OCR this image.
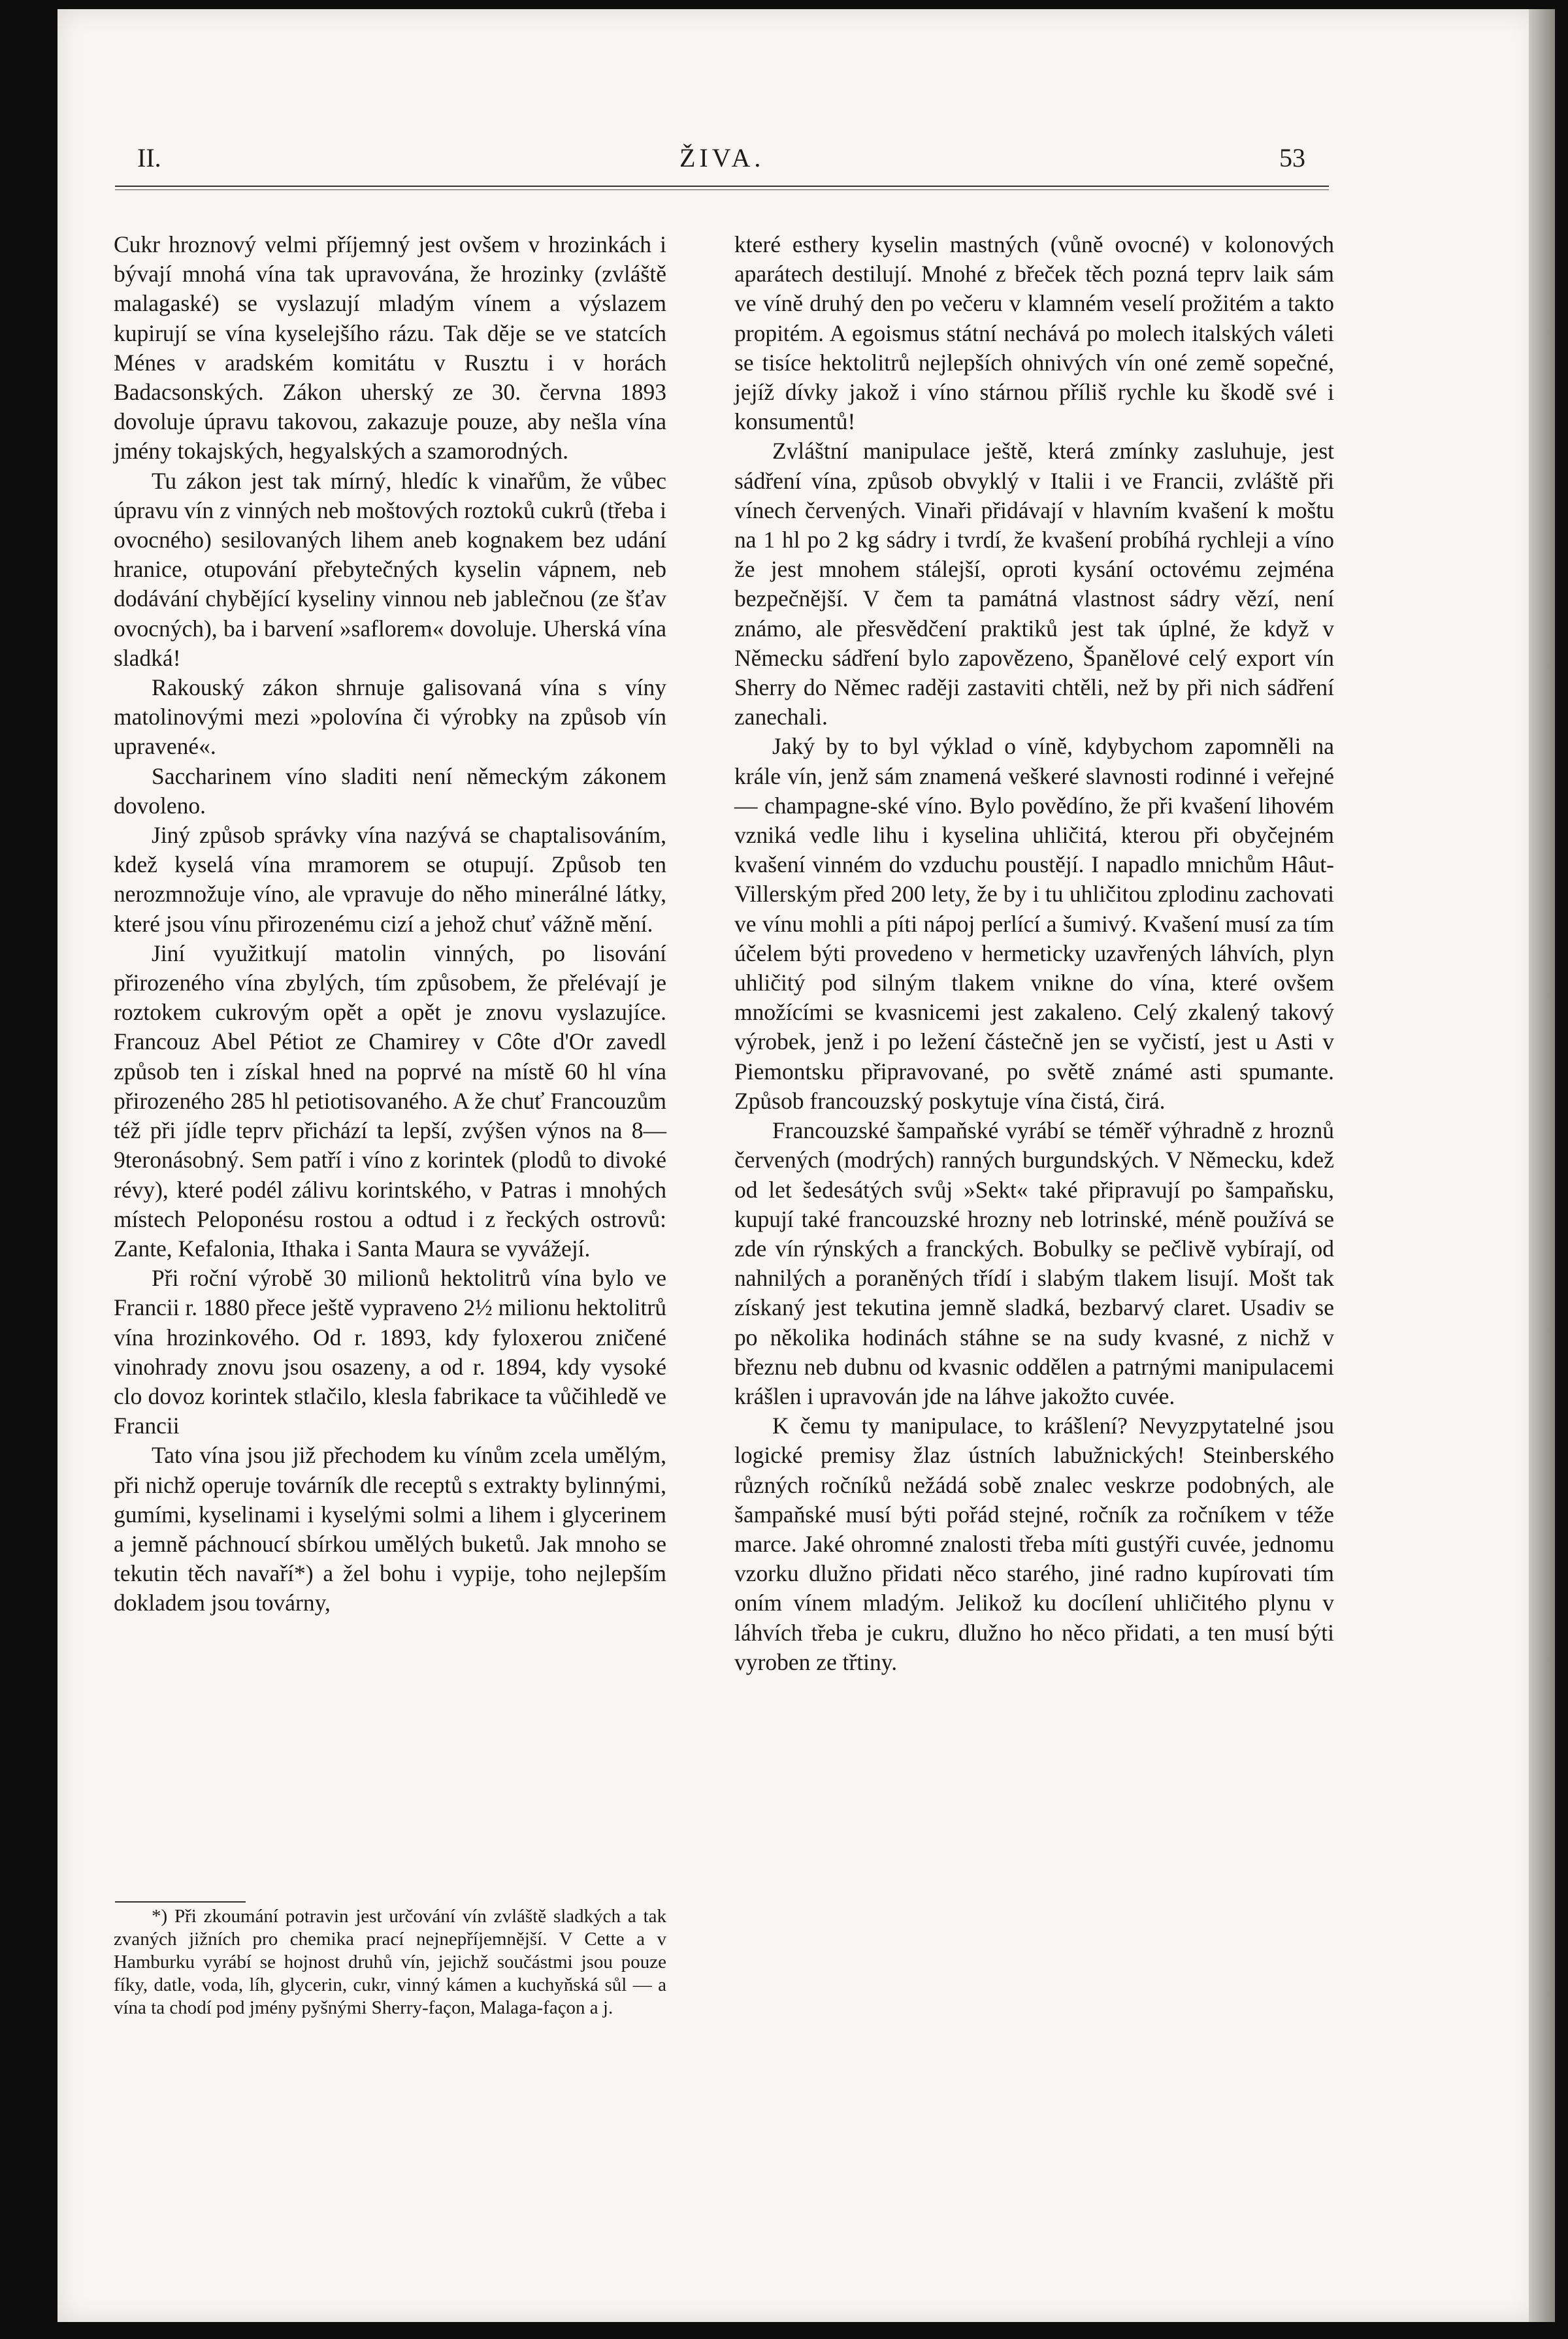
II.	ŽIVA.	53

Cukr hroznový velmi příjemný jest ovšem v hrozinkách i bývají mnohá vína tak upravována, že hrozinky (zvláště malagaské) se vyslazují mladým vínem a výslazem kupirují se vína kyselejšího rázu. Tak děje se ve statcích Ménes v aradském komitátu v Rusztu i v horách Badacsonských. Zákon uherský ze 30. června 1893 dovoluje úpravu takovou, zakazuje pouze, aby nešla vína jmény tokajských, hegyalských a szamorodných.

Tu zákon jest tak mírný, hledíc k vinařům, že vůbec úpravu vín z vinných neb moštových roztoků cukrů (třeba i ovocného) sesilovaných lihem aneb kognakem bez udání hranice, otupování přebytečných kyselin vápnem, neb dodávání chybějící kyseliny vinnou neb jablečnou (ze šťav ovocných), ba i barvení »saflorem« dovoluje. Uherská vína sladká!

Rakouský zákon shrnuje galisovaná vína s víny matolinovými mezi »polovína či výrobky na způsob vín upravené«.

Saccharinem víno sladiti není německým zákonem dovoleno.

Jiný způsob správky vína nazývá se chaptalisováním, kdež kyselá vína mramorem se otupují. Způsob ten nerozmnožuje víno, ale vpravuje do něho minerálné látky, které jsou vínu přirozenému cizí a jehož chuť vážně mění.

Jiní využitkují matolin vinných, po lisování přirozeného vína zbylých, tím způsobem, že přelévají je roztokem cukrovým opět a opět je znovu vyslazujíce. Francouz Abel Pétiot ze Chamirey v Côte d'Or zavedl způsob ten i získal hned na poprvé na místě 60 hl vína přirozeného 285 hl petiotisovaného. A že chuť Francouzům též při jídle teprv přichází ta lepší, zvýšen výnos na 8—9teronásobný. Sem patří i víno z korintek (plodů to divoké révy), které podél zálivu korintského, v Patras i mnohých místech Peloponésu rostou a odtud i z řeckých ostrovů: Zante, Kefalonia, Ithaka i Santa Maura se vyvážejí.

Při roční výrobě 30 milionů hektolitrů vína bylo ve Francii r. 1880 přece ještě vypraveno 2½ milionu hektolitrů vína hrozinkového. Od r. 1893, kdy fyloxerou zničené vinohrady znovu jsou osazeny, a od r. 1894, kdy vysoké clo dovoz korintek stlačilo, klesla fabrikace ta vůčihledě ve Francii

Tato vína jsou již přechodem ku vínům zcela umělým, při nichž operuje továrník dle receptů s extrakty bylinnými, gumími, kyselinami i kyselými solmi a lihem i glycerinem a jemně páchnoucí sbírkou umělých buketů. Jak mnoho se tekutin těch navaří*) a žel bohu i vypije, toho nejlepším dokladem jsou továrny,

*) Při zkoumání potravin jest určování vín zvláště sladkých a tak zvaných jižních pro chemika prací nejnepříjemnější. V Cette a v Hamburku vyrábí se hojnost druhů vín, jejichž součástmi jsou pouze fíky, datle, voda, líh, glycerin, cukr, vinný kámen a kuchyňská sůl — a vína ta chodí pod jmény pyšnými Sherry-façon, Malaga-façon a j.

které esthery kyselin mastných (vůně ovocné) v kolonových aparátech destilují. Mnohé z břeček těch pozná teprv laik sám ve víně druhý den po večeru v klamném veselí prožitém a takto propitém. A egoismus státní nechává po molech italských váleti se tisíce hektolitrů nejlepších ohnivých vín oné země sopečné, jejíž dívky jakož i víno stárnou příliš rychle ku škodě své i konsumentů!

Zvláštní manipulace ještě, která zmínky zasluhuje, jest sádření vína, způsob obvyklý v Italii i ve Francii, zvláště při vínech červených. Vinaři přidávají v hlavním kvašení k moštu na 1 hl po 2 kg sádry i tvrdí, že kvašení probíhá rychleji a víno že jest mnohem stálejší, oproti kysání octovému zejména bezpečnější. V čem ta památná vlastnost sádry vězí, není známo, ale přesvědčení praktiků jest tak úplné, že když v Německu sádření bylo zapovězeno, Španělové celý export vín Sherry do Němec raději zastaviti chtěli, než by při nich sádření zanechali.

Jaký by to byl výklad o víně, kdybychom zapomněli na krále vín, jenž sám znamená veškeré slavnosti rodinné i veřejné — champagne-ské víno. Bylo povědíno, že při kvašení lihovém vzniká vedle lihu i kyselina uhličitá, kterou při obyčejném kvašení vinném do vzduchu poustějí. I napadlo mnichům Hâut-Villerským před 200 lety, že by i tu uhličitou zplodinu zachovati ve vínu mohli a píti nápoj perlící a šumivý. Kvašení musí za tím účelem býti provedeno v hermeticky uzavřených láhvích, plyn uhličitý pod silným tlakem vnikne do vína, které ovšem množícími se kvasnicemi jest zakaleno. Celý zkalený takový výrobek, jenž i po ležení částečně jen se vyčistí, jest u Asti v Piemontsku připravované, po světě známé asti spumante. Způsob francouzský poskytuje vína čistá, čirá.

Francouzské šampaňské vyrábí se téměř výhradně z hroznů červených (modrých) ranných burgundských. V Německu, kdež od let šedesátých svůj »Sekt« také připravují po šampaňsku, kupují také francouzské hrozny neb lotrinské, méně používá se zde vín rýnských a franckých. Bobulky se pečlivě vybírají, od nahnilých a poraněných třídí i slabým tlakem lisují. Mošt tak získaný jest tekutina jemně sladká, bezbarvý claret. Usadiv se po několika hodinách stáhne se na sudy kvasné, z nichž v březnu neb dubnu od kvasnic oddělen a patrnými manipulacemi krášlen i upravován jde na láhve jakožto cuvée.

K čemu ty manipulace, to krášlení? Nevyzpytatelné jsou logické premisy žlaz ústních labužnických! Steinberského různých ročníků nežádá sobě znalec veskrze podobných, ale šampaňské musí býti pořád stejné, ročník za ročníkem v téže marce. Jaké ohromné znalosti třeba míti gustýři cuvée, jednomu vzorku dlužno přidati něco starého, jiné radno kupírovati tím oním vínem mladým. Jelikož ku docílení uhličitého plynu v láhvích třeba je cukru, dlužno ho něco přidati, a ten musí býti vyroben ze třtiny.
